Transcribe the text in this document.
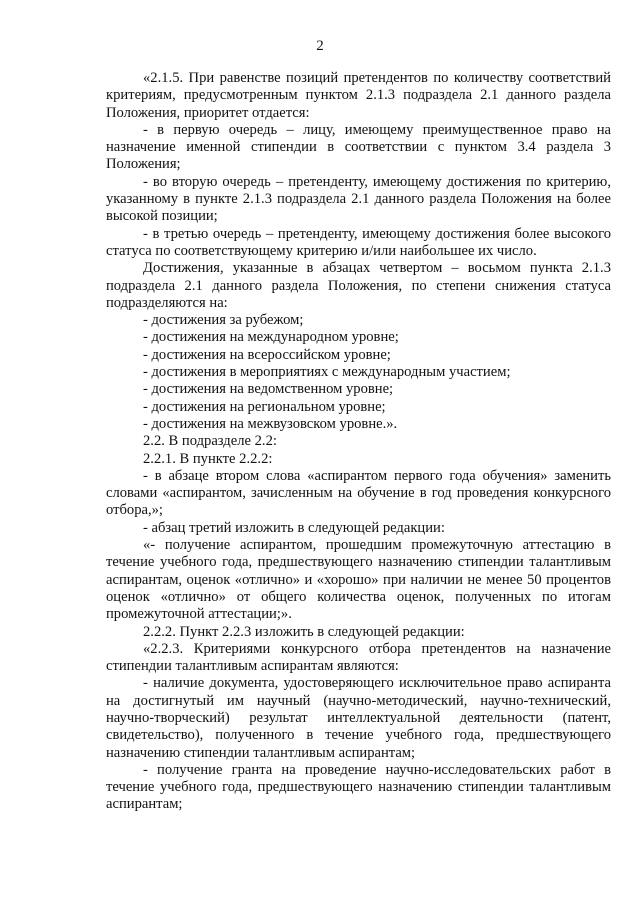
2

«2.1.5. При равенстве позиций претендентов по количеству соответствий критериям, предусмотренным пунктом 2.1.3 подраздела 2.1 данного раздела Положения, приоритет отдается:

- в первую очередь – лицу, имеющему преимущественное право на назначение именной стипендии в соответствии с пунктом 3.4 раздела 3 Положения;

- во вторую очередь – претенденту, имеющему достижения по критерию, указанному в пункте 2.1.3 подраздела 2.1 данного раздела Положения на более высокой позиции;

- в третью очередь – претенденту, имеющему достижения более высокого статуса по соответствующему критерию и/или наибольшее их число.

Достижения, указанные в абзацах четвертом – восьмом пункта 2.1.3 подраздела 2.1 данного раздела Положения, по степени снижения статуса подразделяются на:

- достижения за рубежом;

- достижения на международном уровне;

- достижения на всероссийском уровне;

- достижения в мероприятиях с международным участием;

- достижения на ведомственном уровне;

- достижения на региональном уровне;

- достижения на межвузовском уровне.».

2.2. В подразделе 2.2:

2.2.1. В пункте 2.2.2:

- в абзаце втором слова «аспирантом первого года обучения» заменить словами «аспирантом, зачисленным на обучение в год проведения конкурсного отбора,»;

- абзац третий изложить в следующей редакции:

«- получение аспирантом, прошедшим промежуточную аттестацию в течение учебного года, предшествующего назначению стипендии талантливым аспирантам, оценок «отлично» и «хорошо» при наличии не менее 50 процентов оценок «отлично» от общего количества оценок, полученных по итогам промежуточной аттестации;».

2.2.2. Пункт 2.2.3 изложить в следующей редакции:

«2.2.3. Критериями конкурсного отбора претендентов на назначение стипендии талантливым аспирантам являются:

- наличие документа, удостоверяющего исключительное право аспиранта на достигнутый им научный (научно-методический, научно-технический, научно-творческий) результат интеллектуальной деятельности (патент, свидетельство), полученного в течение учебного года, предшествующего назначению стипендии талантливым аспирантам;

- получение гранта на проведение научно-исследовательских работ в течение учебного года, предшествующего назначению стипендии талантливым аспирантам;
